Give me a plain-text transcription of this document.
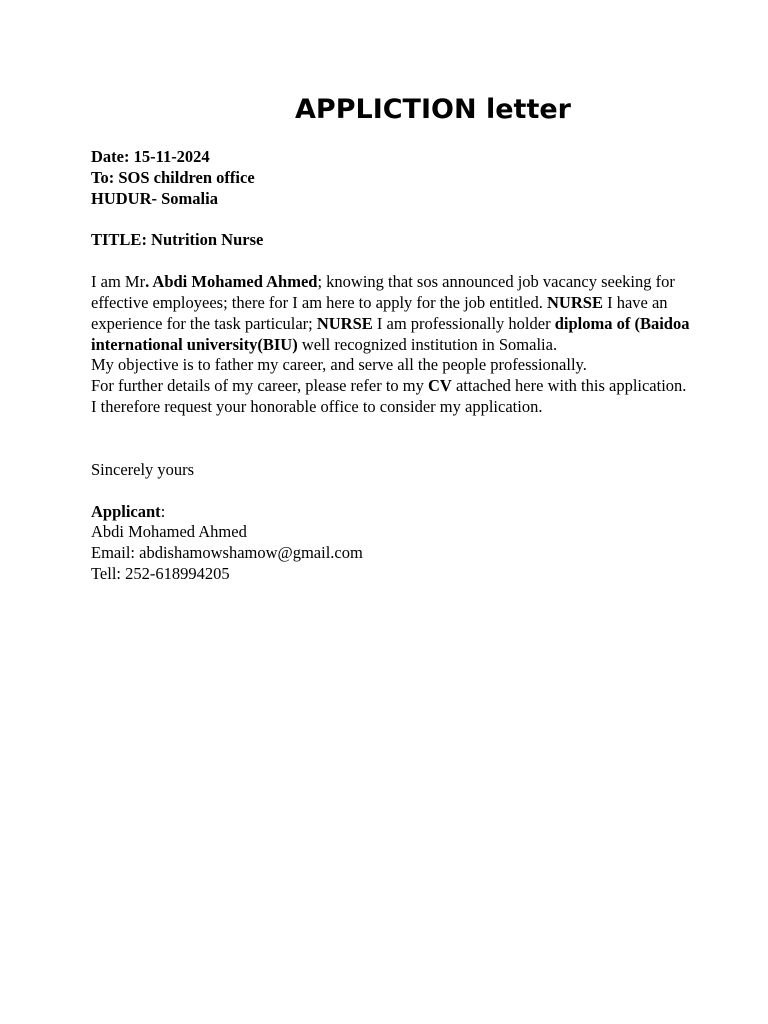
APPLICTION letter

Date: 15-11-2024

To: SOS children office

HUDUR- Somalia

TITLE: Nutrition Nurse

I am Mr. Abdi Mohamed Ahmed; knowing that sos announced job vacancy seeking for effective employees; there for I am here to apply for the job entitled. NURSE I have an experience for the task particular; NURSE I am professionally holder diploma of (Baidoa international university(BIU) well recognized institution in Somalia.

My objective is to father my career, and serve all the people professionally.

For further details of my career, please refer to my CV attached here with this application.

I therefore request your honorable office to consider my application.

Sincerely yours

Applicant:

Abdi Mohamed Ahmed

Email: abdishamowshamow@gmail.com

Tell: 252-618994205
